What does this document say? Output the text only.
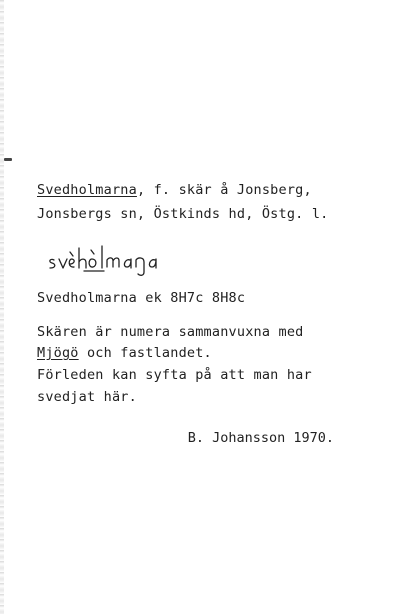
Svedholmarna, f. skär å Jonsberg,
Jonsbergs sn, Östkinds hd, Östg. l.
Svedholmarna ek 8H7c 8H8c
Skären är numera sammanvuxna med
Mjögö och fastlandet.
Förleden kan syfta på att man har
svedjat här.
B. Johansson 1970.
